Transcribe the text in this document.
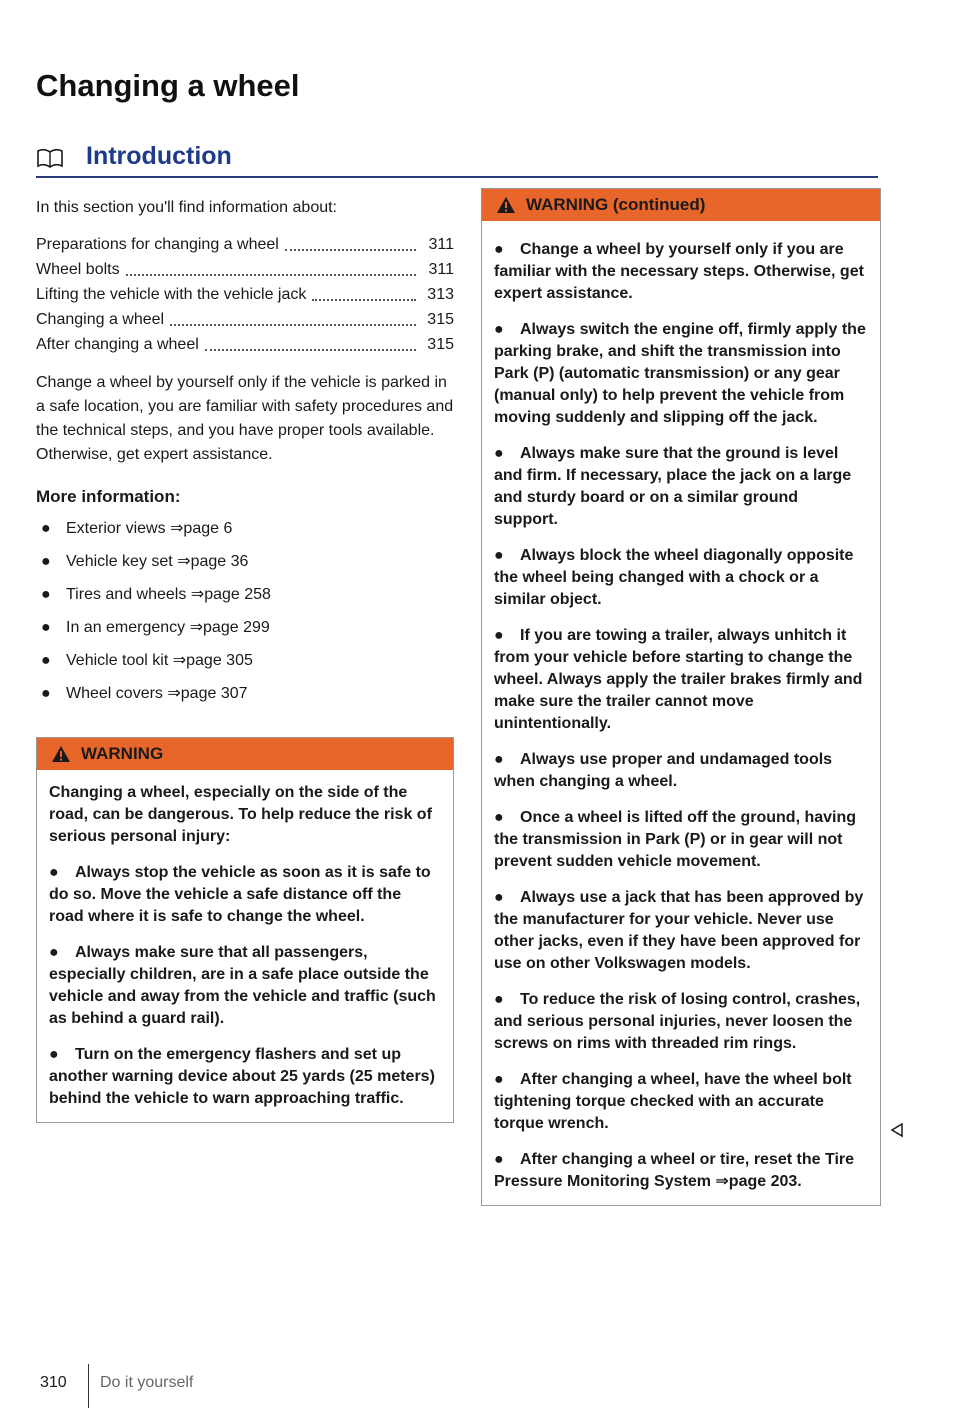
Changing a wheel
Introduction

In this section you'll find information about:

Preparations for changing a wheel	311
Wheel bolts	311
Lifting the vehicle with the vehicle jack	313
Changing a wheel	315
After changing a wheel	315

Change a wheel by yourself only if the vehicle is parked in a safe location, you are familiar with safety procedures and the technical steps, and you have proper tools available. Otherwise, get expert assistance.

More information:
● Exterior views ⇒page 6
● Vehicle key set ⇒page 36
● Tires and wheels ⇒page 258
● In an emergency ⇒page 299
● Vehicle tool kit ⇒page 305
● Wheel covers ⇒page 307
WARNING

Changing a wheel, especially on the side of the road, can be dangerous. To help reduce the risk of serious personal injury:

● Always stop the vehicle as soon as it is safe to do so. Move the vehicle a safe distance off the road where it is safe to change the wheel.
● Always make sure that all passengers, especially children, are in a safe place outside the vehicle and away from the vehicle and traffic (such as behind a guard rail).
● Turn on the emergency flashers and set up another warning device about 25 yards (25 meters) behind the vehicle to warn approaching traffic.
WARNING (continued)
● Change a wheel by yourself only if you are familiar with the necessary steps. Otherwise, get expert assistance.
● Always switch the engine off, firmly apply the parking brake, and shift the transmission into Park (P) (automatic transmission) or any gear (manual only) to help prevent the vehicle from moving suddenly and slipping off the jack.
● Always make sure that the ground is level and firm. If necessary, place the jack on a large and sturdy board or on a similar ground support.
● Always block the wheel diagonally opposite the wheel being changed with a chock or a similar object.
● If you are towing a trailer, always unhitch it from your vehicle before starting to change the wheel. Always apply the trailer brakes firmly and make sure the trailer cannot move unintentionally.
● Always use proper and undamaged tools when changing a wheel.
● Once a wheel is lifted off the ground, having the transmission in Park (P) or in gear will not prevent sudden vehicle movement.
● Always use a jack that has been approved by the manufacturer for your vehicle. Never use other jacks, even if they have been approved for use on other Volkswagen models.
● To reduce the risk of losing control, crashes, and serious personal injuries, never loosen the screws on rims with threaded rim rings.
● After changing a wheel, have the wheel bolt tightening torque checked with an accurate torque wrench.
● After changing a wheel or tire, reset the Tire Pressure Monitoring System ⇒page 203.
310 Do it yourself
